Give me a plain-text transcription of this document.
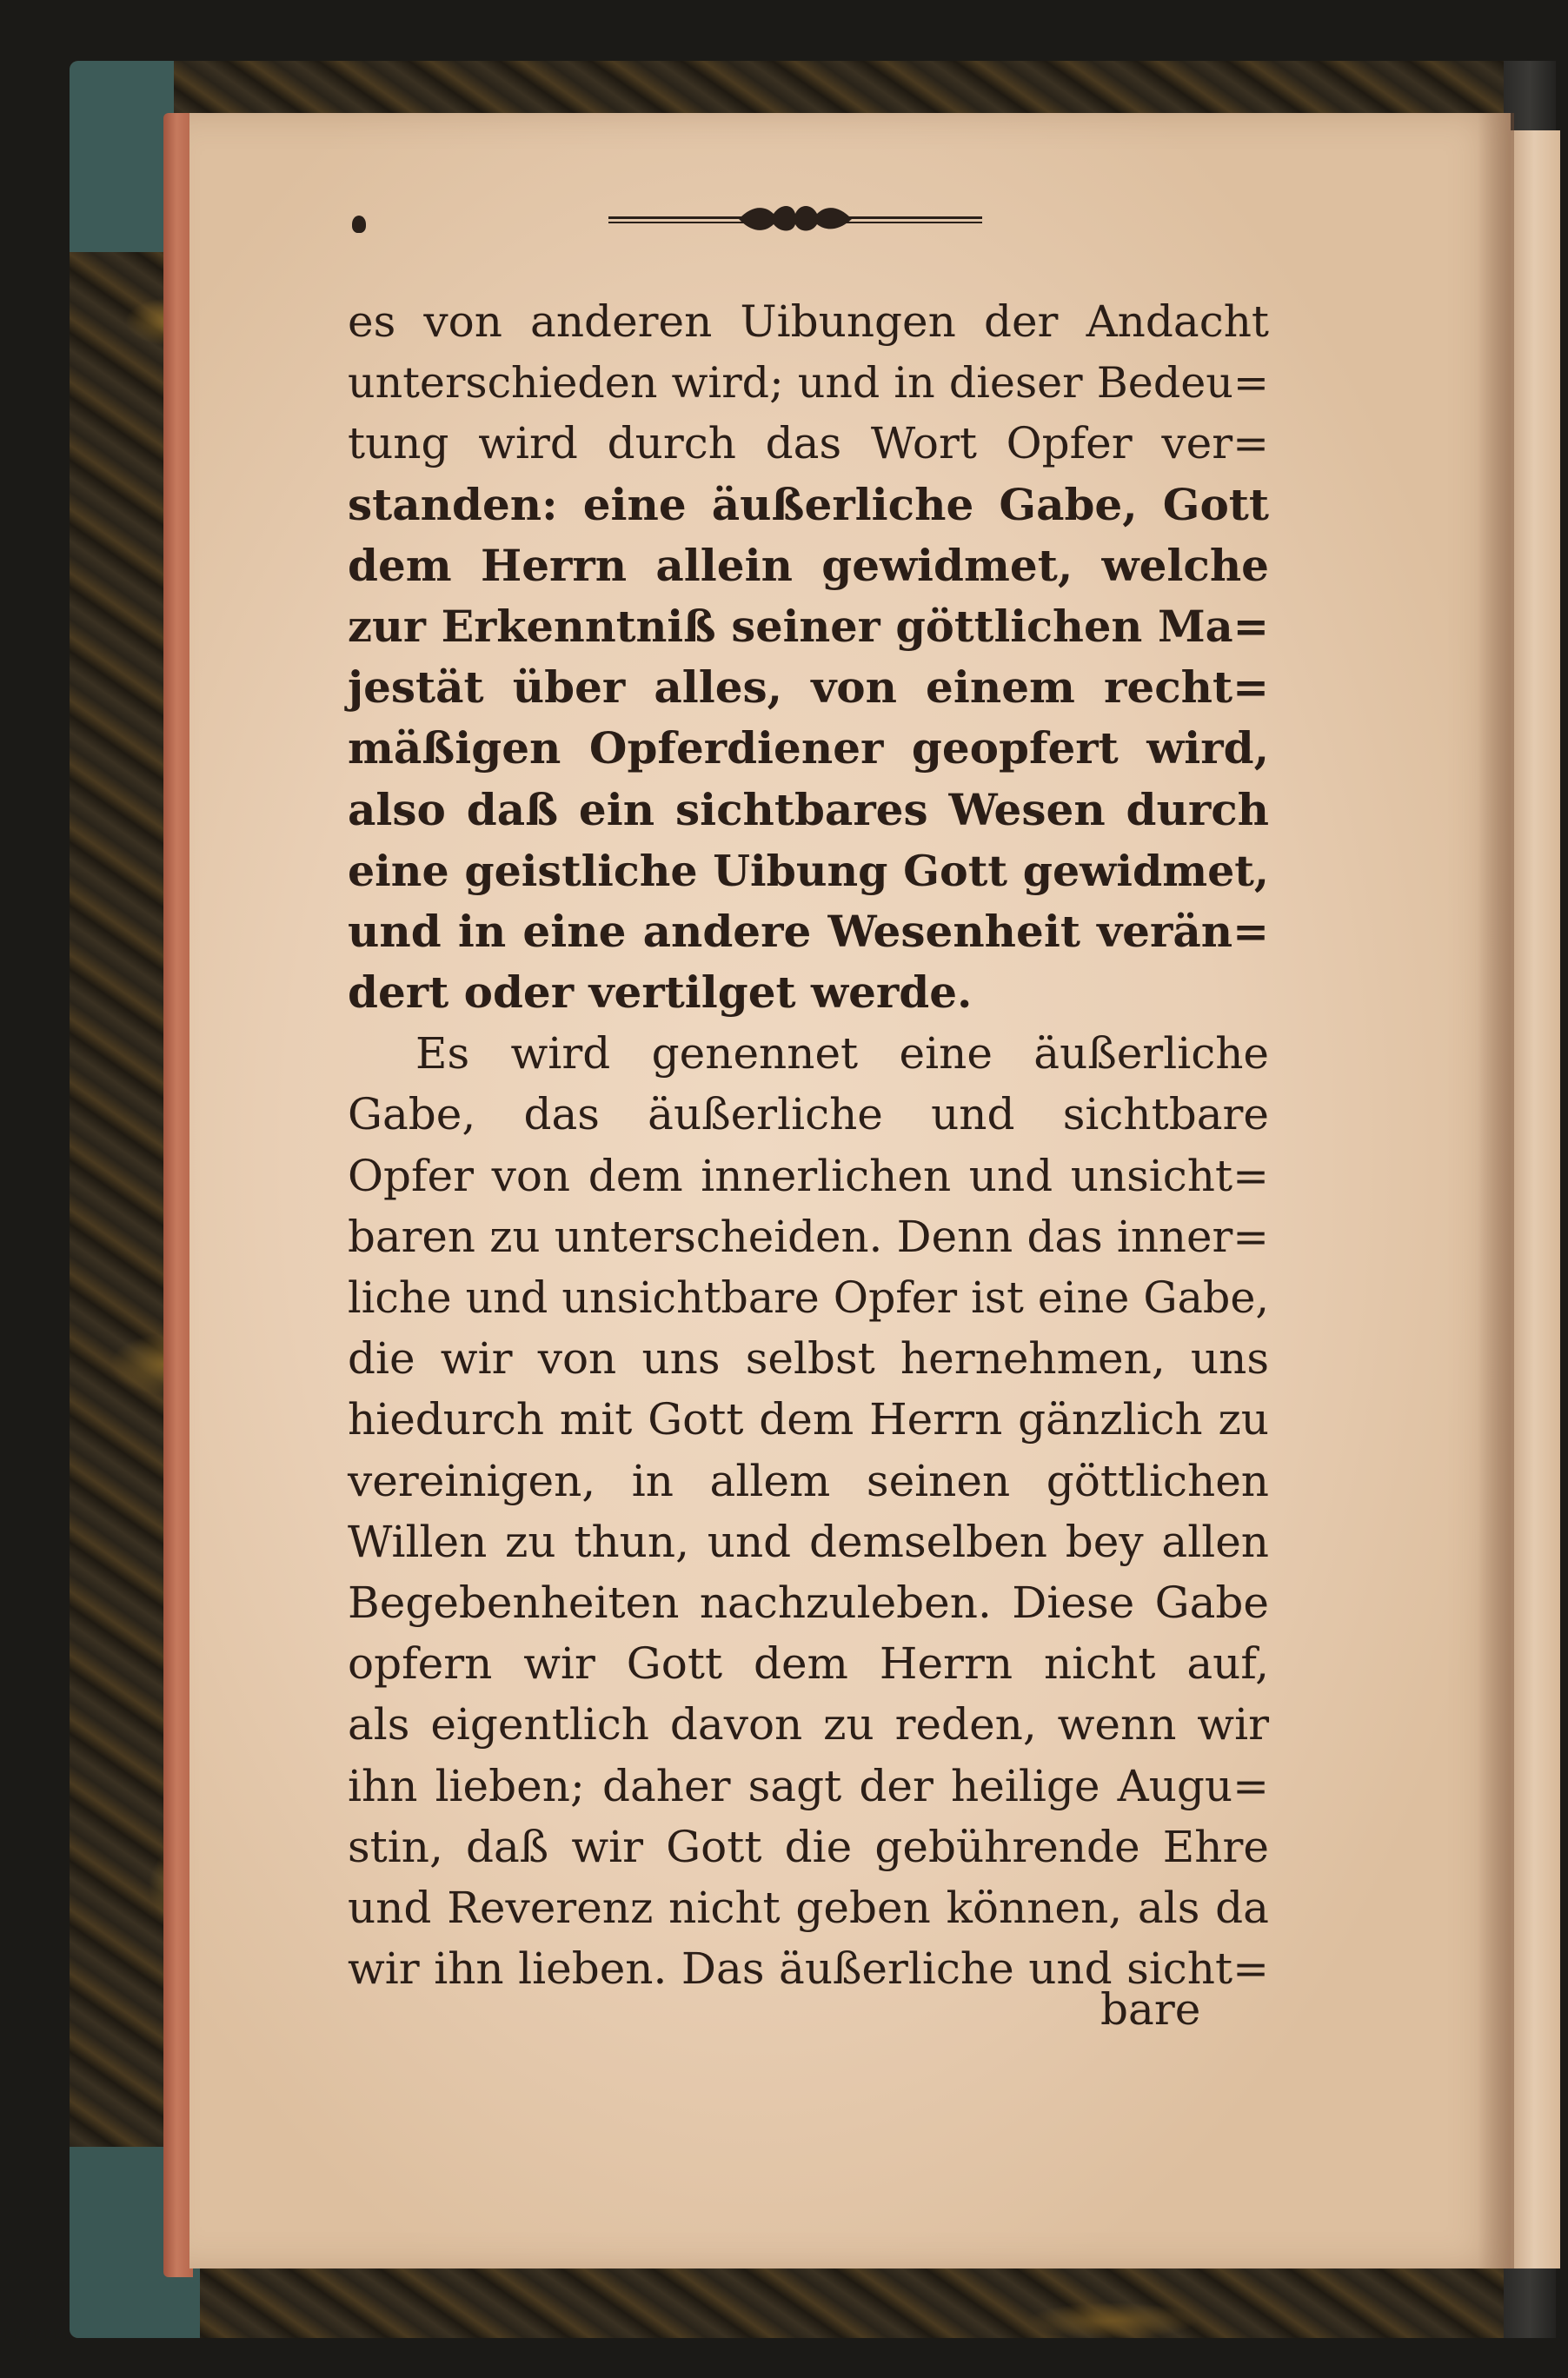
es von anderen Uibungen der Andacht
unterschieden wird; und in dieser Bedeu=
tung wird durch das Wort Opfer ver=
standen: eine äußerliche Gabe, Gott
dem Herrn allein gewidmet, welche
zur Erkenntniß seiner göttlichen Ma=
jestät über alles, von einem recht=
mäßigen Opferdiener geopfert wird,
also daß ein sichtbares Wesen durch
eine geistliche Uibung Gott gewidmet,
und in eine andere Wesenheit verän=
dert oder vertilget werde.
Es wird genennet eine äußerliche
Gabe, das äußerliche und sichtbare
Opfer von dem innerlichen und unsicht=
baren zu unterscheiden. Denn das inner=
liche und unsichtbare Opfer ist eine Gabe,
die wir von uns selbst hernehmen, uns
hiedurch mit Gott dem Herrn gänzlich zu
vereinigen, in allem seinen göttlichen
Willen zu thun, und demselben bey allen
Begebenheiten nachzuleben. Diese Gabe
opfern wir Gott dem Herrn nicht auf,
als eigentlich davon zu reden, wenn wir
ihn lieben; daher sagt der heilige Augu=
stin, daß wir Gott die gebührende Ehre
und Reverenz nicht geben können, als da
wir ihn lieben. Das äußerliche und sicht=
bare
